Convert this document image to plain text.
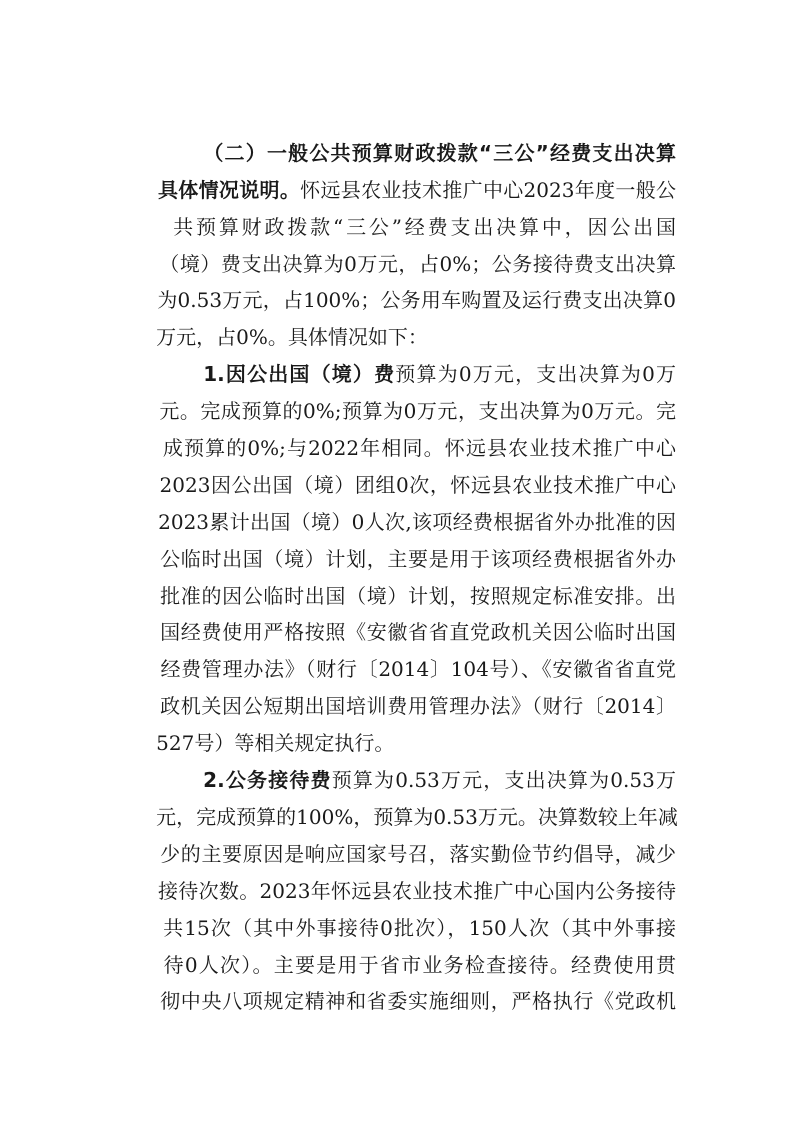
（二）一般公共预算财政拨款“三公”经费支出决算

具体情况说明。怀远县农业技术推广中心2023年度一般公

共预算财政拨款“三公”经费支出决算中，因公出国

（境）费支出决算为0万元，占0%；公务接待费支出决算

为0.53万元，占100%；公务用车购置及运行费支出决算0

万元，占0%。具体情况如下：

1.因公出国（境）费预算为0万元，支出决算为0万

元。完成预算的0%;预算为0万元，支出决算为0万元。完

成预算的0%;与2022年相同。怀远县农业技术推广中心

2023因公出国（境）团组0次，怀远县农业技术推广中心

2023累计出国（境）0人次,该项经费根据省外办批准的因

公临时出国（境）计划，主要是用于该项经费根据省外办

批准的因公临时出国（境）计划，按照规定标准安排。出

国经费使用严格按照《安徽省省直党政机关因公临时出国

经费管理办法》（财行〔2014〕104号）、《安徽省省直党

政机关因公短期出国培训费用管理办法》（财行〔2014〕

527号）等相关规定执行。

2.公务接待费预算为0.53万元，支出决算为0.53万

元，完成预算的100%，预算为0.53万元。决算数较上年减

少的主要原因是响应国家号召，落实勤俭节约倡导，减少

接待次数。2023年怀远县农业技术推广中心国内公务接待

共15次（其中外事接待0批次），150人次（其中外事接

待0人次）。主要是用于省市业务检查接待。经费使用贯

彻中央八项规定精神和省委实施细则，严格执行《党政机
